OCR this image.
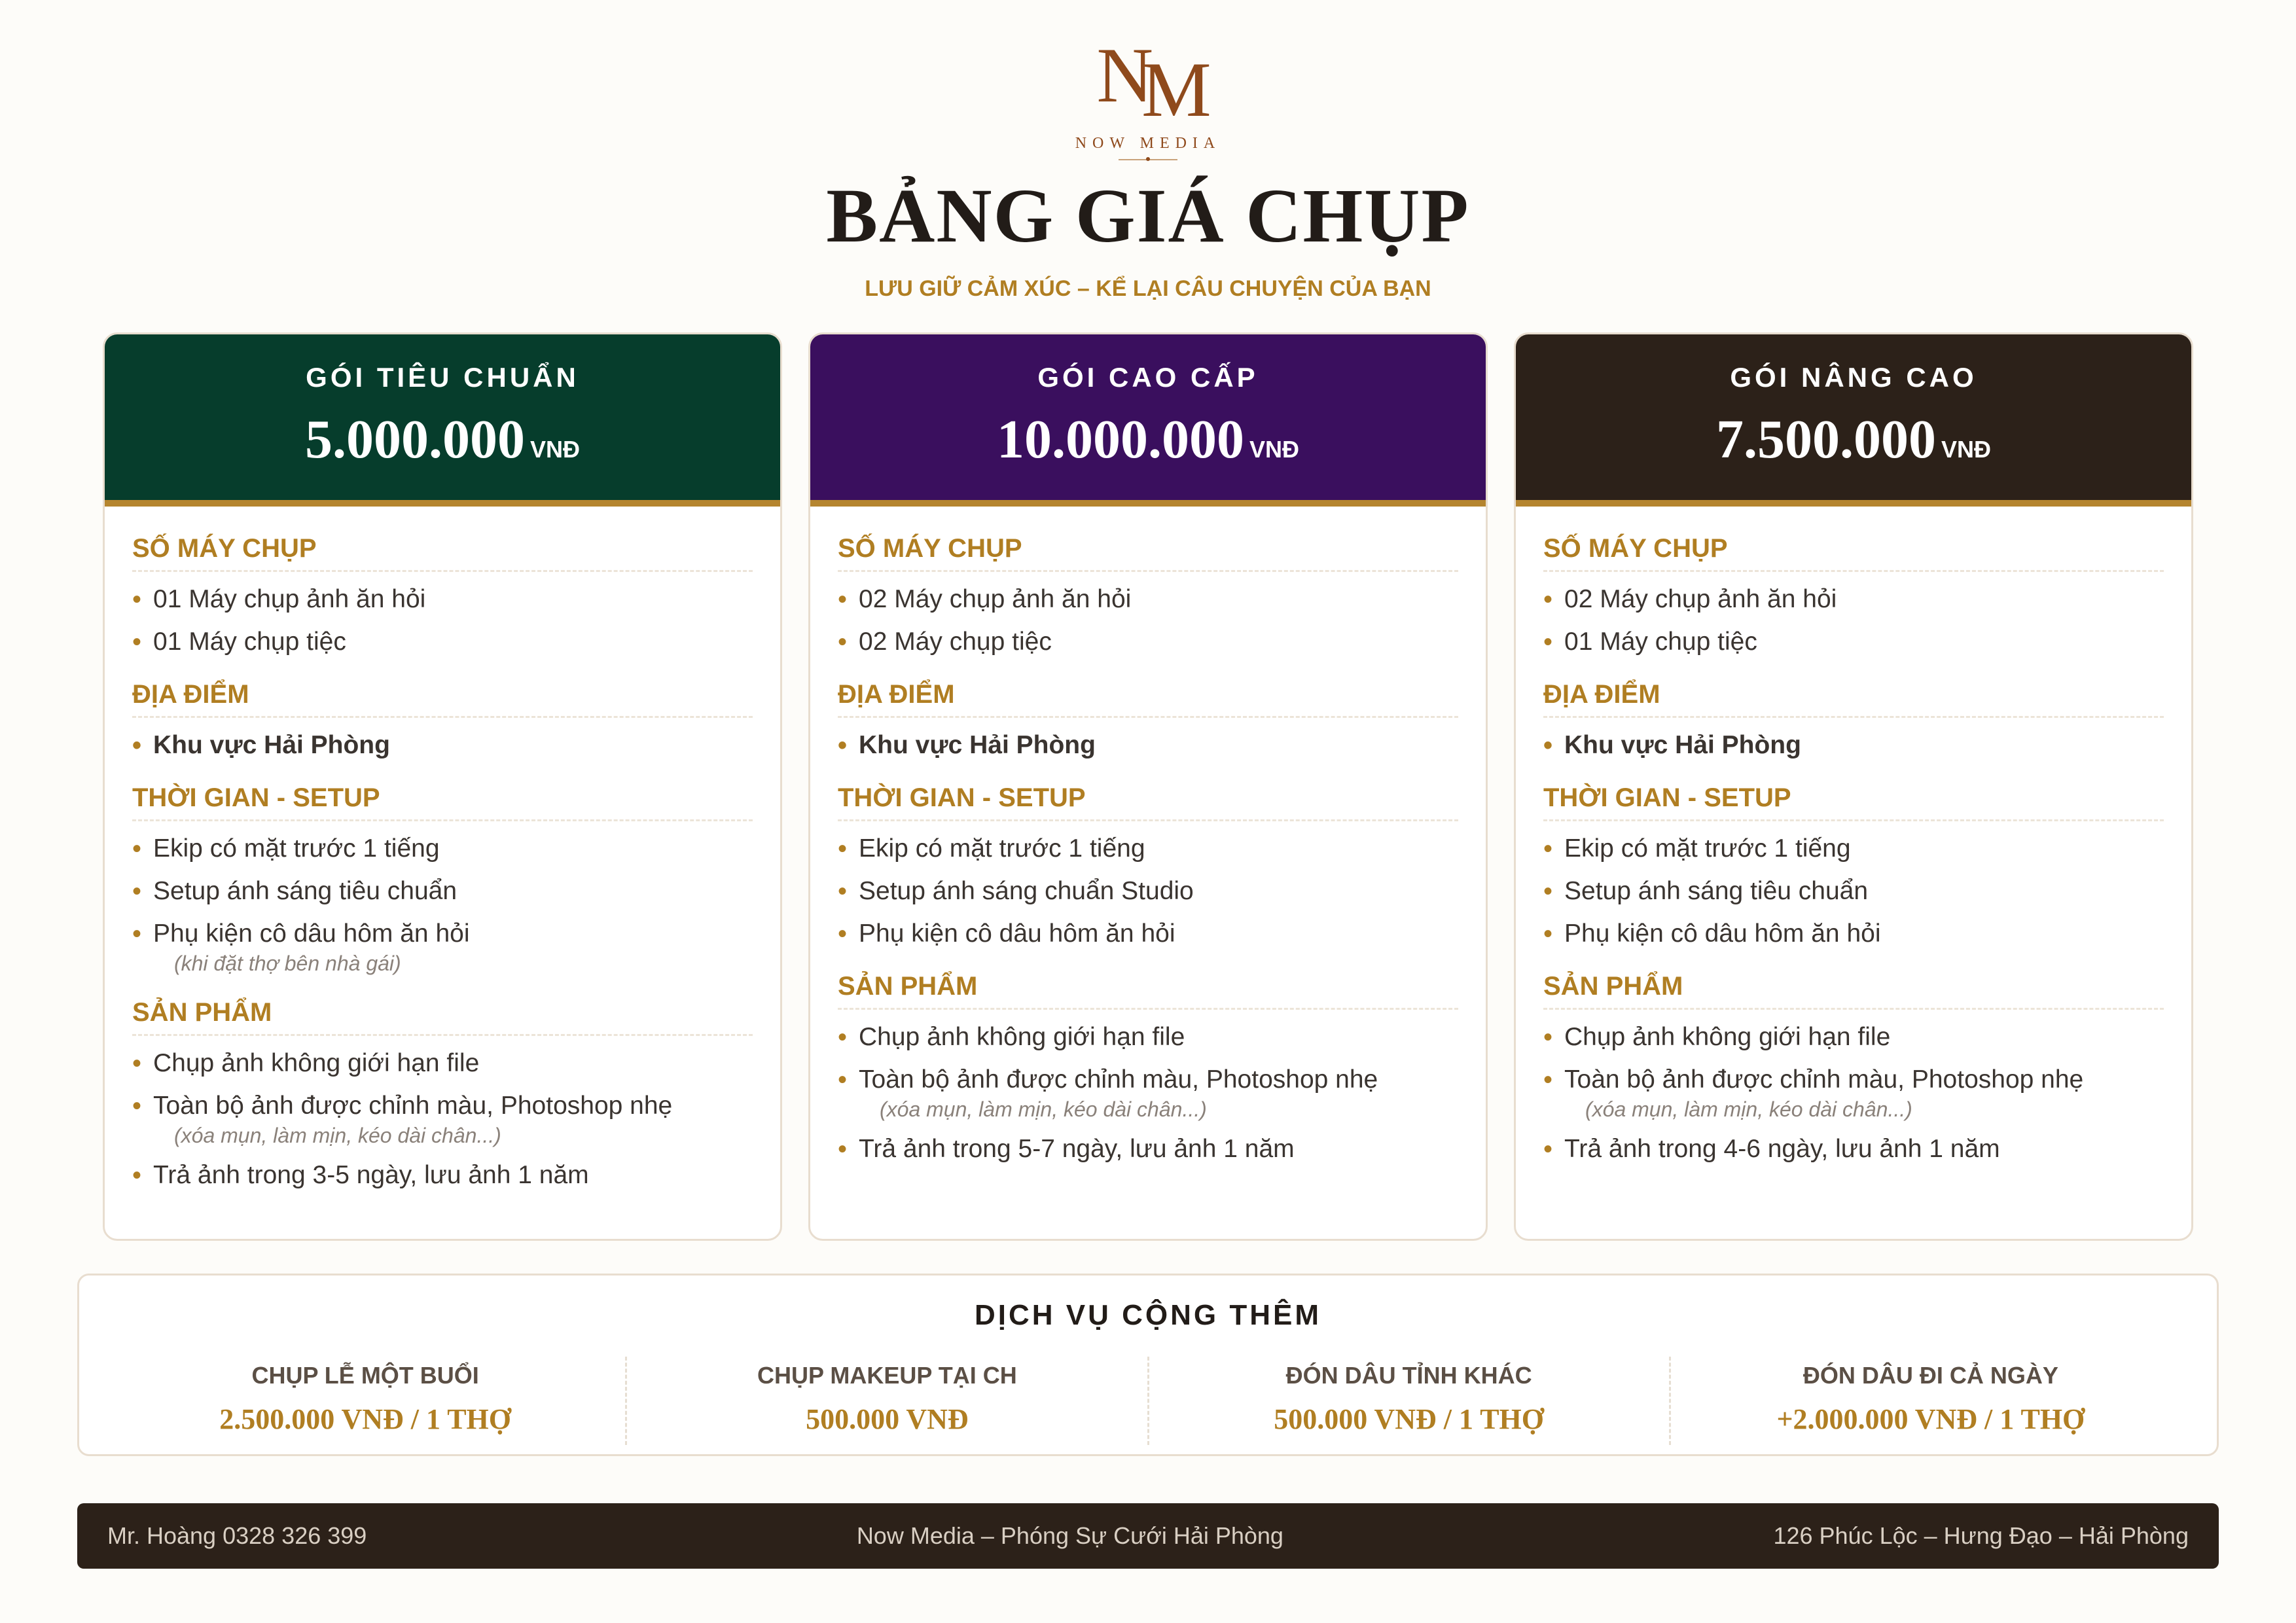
NM
NOW MEDIA
BẢNG GIÁ CHỤP
LƯU GIỮ CẢM XÚC – KỂ LẠI CÂU CHUYỆN CỦA BẠN
GÓI TIÊU CHUẨN
5.000.000 VNĐ
SỐ MÁY CHỤP
• 01 Máy chụp ảnh ăn hỏi
• 01 Máy chụp tiệc
ĐỊA ĐIỂM
• Khu vực Hải Phòng
THỜI GIAN - SETUP
• Ekip có mặt trước 1 tiếng
• Setup ánh sáng tiêu chuẩn
• Phụ kiện cô dâu hôm ăn hỏi
(khi đặt thợ bên nhà gái)
SẢN PHẨM
• Chụp ảnh không giới hạn file
• Toàn bộ ảnh được chỉnh màu, Photoshop nhẹ
(xóa mụn, làm mịn, kéo dài chân...)
• Trả ảnh trong 3-5 ngày, lưu ảnh 1 năm
GÓI CAO CẤP
10.000.000 VNĐ
SỐ MÁY CHỤP
• 02 Máy chụp ảnh ăn hỏi
• 02 Máy chụp tiệc
ĐỊA ĐIỂM
• Khu vực Hải Phòng
THỜI GIAN - SETUP
• Ekip có mặt trước 1 tiếng
• Setup ánh sáng chuẩn Studio
• Phụ kiện cô dâu hôm ăn hỏi
SẢN PHẨM
• Chụp ảnh không giới hạn file
• Toàn bộ ảnh được chỉnh màu, Photoshop nhẹ
(xóa mụn, làm mịn, kéo dài chân...)
• Trả ảnh trong 5-7 ngày, lưu ảnh 1 năm
GÓI NÂNG CAO
7.500.000 VNĐ
SỐ MÁY CHỤP
• 02 Máy chụp ảnh ăn hỏi
• 01 Máy chụp tiệc
ĐỊA ĐIỂM
• Khu vực Hải Phòng
THỜI GIAN - SETUP
• Ekip có mặt trước 1 tiếng
• Setup ánh sáng tiêu chuẩn
• Phụ kiện cô dâu hôm ăn hỏi
SẢN PHẨM
• Chụp ảnh không giới hạn file
• Toàn bộ ảnh được chỉnh màu, Photoshop nhẹ
(xóa mụn, làm mịn, kéo dài chân...)
• Trả ảnh trong 4-6 ngày, lưu ảnh 1 năm
DỊCH VỤ CỘNG THÊM
CHỤP LỄ MỘT BUỔI
2.500.000 VNĐ / 1 THỢ
CHỤP MAKEUP TẠI CH
500.000 VNĐ
ĐÓN DÂU TỈNH KHÁC
500.000 VNĐ / 1 THỢ
ĐÓN DÂU ĐI CẢ NGÀY
+2.000.000 VNĐ / 1 THỢ
Mr. Hoàng 0328 326 399	Now Media – Phóng Sự Cưới Hải Phòng	126 Phúc Lộc – Hưng Đạo – Hải Phòng
